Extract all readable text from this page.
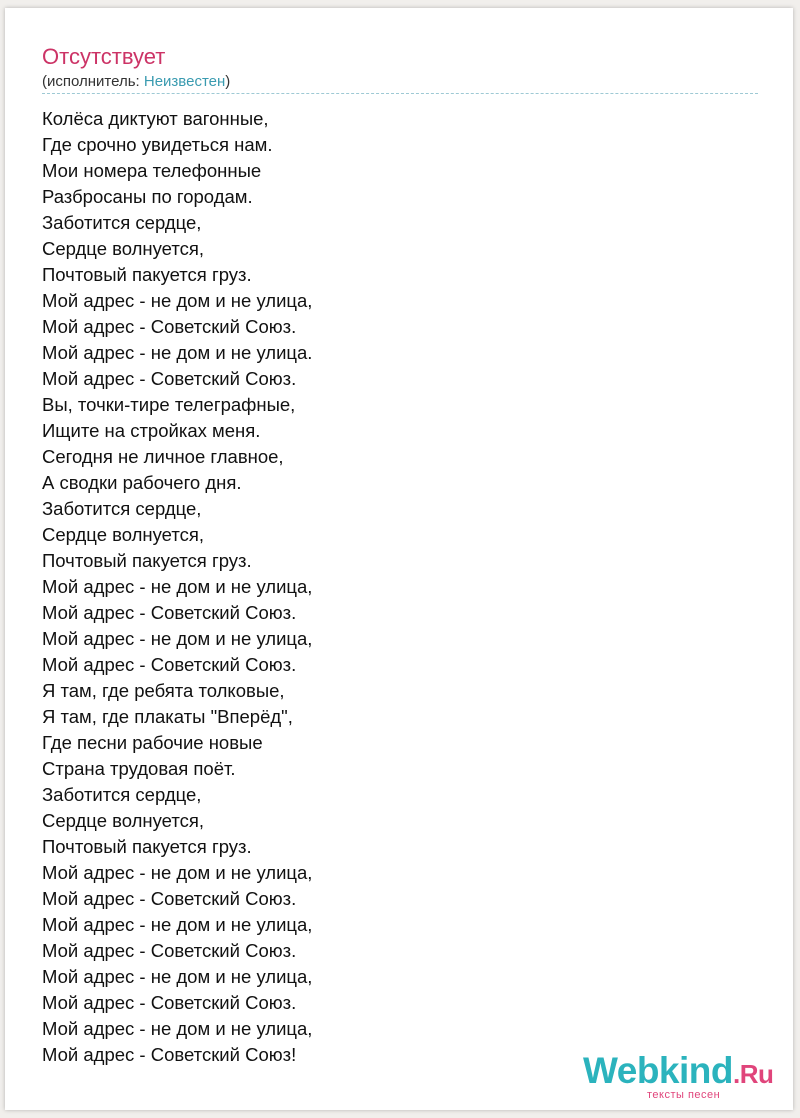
Отсутствует
(исполнитель: Неизвестен)
Колёса диктуют вагонные,
Где срочно увидеться нам.
Мои номера телефонные
Разбросаны по городам.
Заботится сердце,
Сердце волнуется,
Почтовый пакуется груз.
Мой адрес - не дом и не улица,
Мой адрес - Советский Союз.
Мой адрес - не дом и не улица.
Мой адрес - Советский Союз.
Вы, точки-тире телеграфные,
Ищите на стройках меня.
Сегодня не личное главное,
А сводки рабочего дня.
Заботится сердце,
Сердце волнуется,
Почтовый пакуется груз.
Мой адрес - не дом и не улица,
Мой адрес - Советский Союз.
Мой адрес - не дом и не улица,
Мой адрес - Советский Союз.
Я там, где ребята толковые,
Я там, где плакаты "Вперёд",
Где песни рабочие новые
Страна трудовая поёт.
Заботится сердце,
Сердце волнуется,
Почтовый пакуется груз.
Мой адрес - не дом и не улица,
Мой адрес - Советский Союз.
Мой адрес - не дом и не улица,
Мой адрес - Советский Союз.
Мой адрес - не дом и не улица,
Мой адрес - Советский Союз.
Мой адрес - не дом и не улица,
Мой адрес - Советский Союз!	Webkind.Ru
тексты песен
